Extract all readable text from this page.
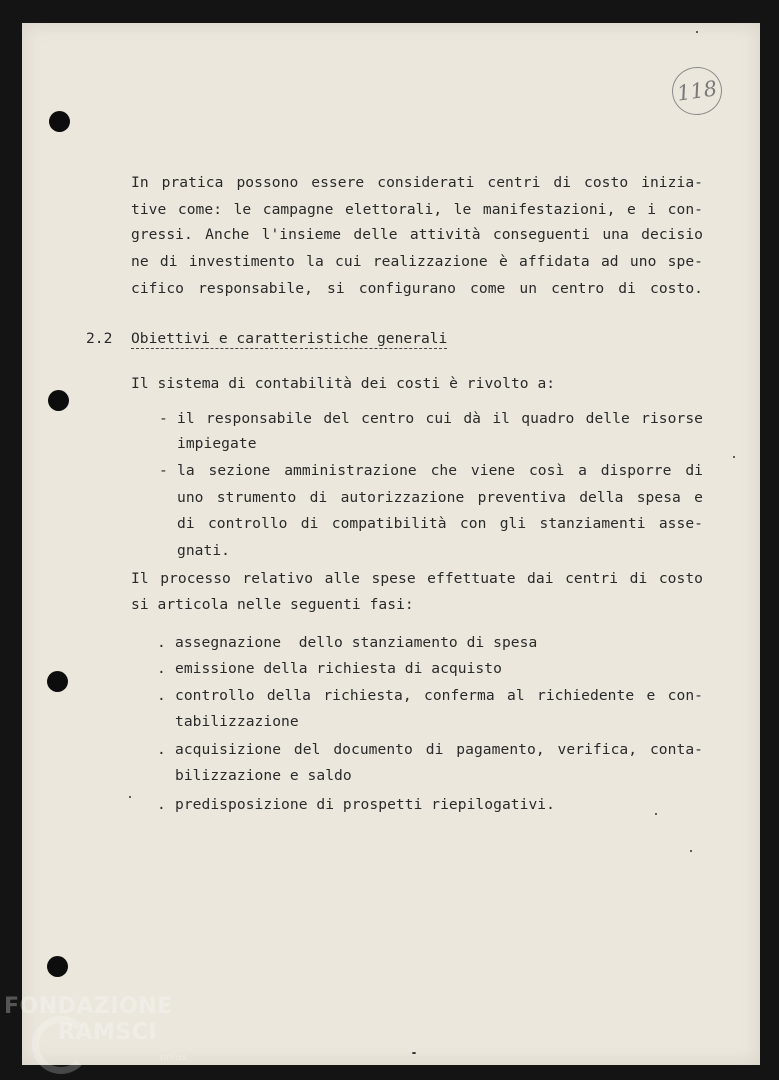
118
In pratica possono essere considerati centri di costo inizia-
tive come: le campagne elettorali, le manifestazioni, e i con-
gressi. Anche l'insieme delle attività conseguenti una decisio
ne di investimento la cui realizzazione è affidata ad uno spe-
cifico responsabile, si configurano come un centro di costo.
2.2 Obiettivi e caratteristiche generali
Il sistema di contabilità dei costi è rivolto a:
- il responsabile del centro cui dà il quadro delle risorse
impiegate
- la sezione amministrazione che viene così a disporre di
uno strumento di autorizzazione preventiva della spesa e
di controllo di compatibilità con gli stanziamenti asse-
gnati.
Il processo relativo alle spese effettuate dai centri di costo
si articola nelle seguenti fasi:
. assegnazione  dello stanziamento di spesa
. emissione della richiesta di acquisto
. controllo della richiesta, conferma al richiedente e con-
tabilizzazione
. acquisizione del documento di pagamento, verifica, conta-
bilizzazione e saldo
. predisposizione di prospetti riepilogativi.
FONDAZIONE
RAMSCI
onlus
